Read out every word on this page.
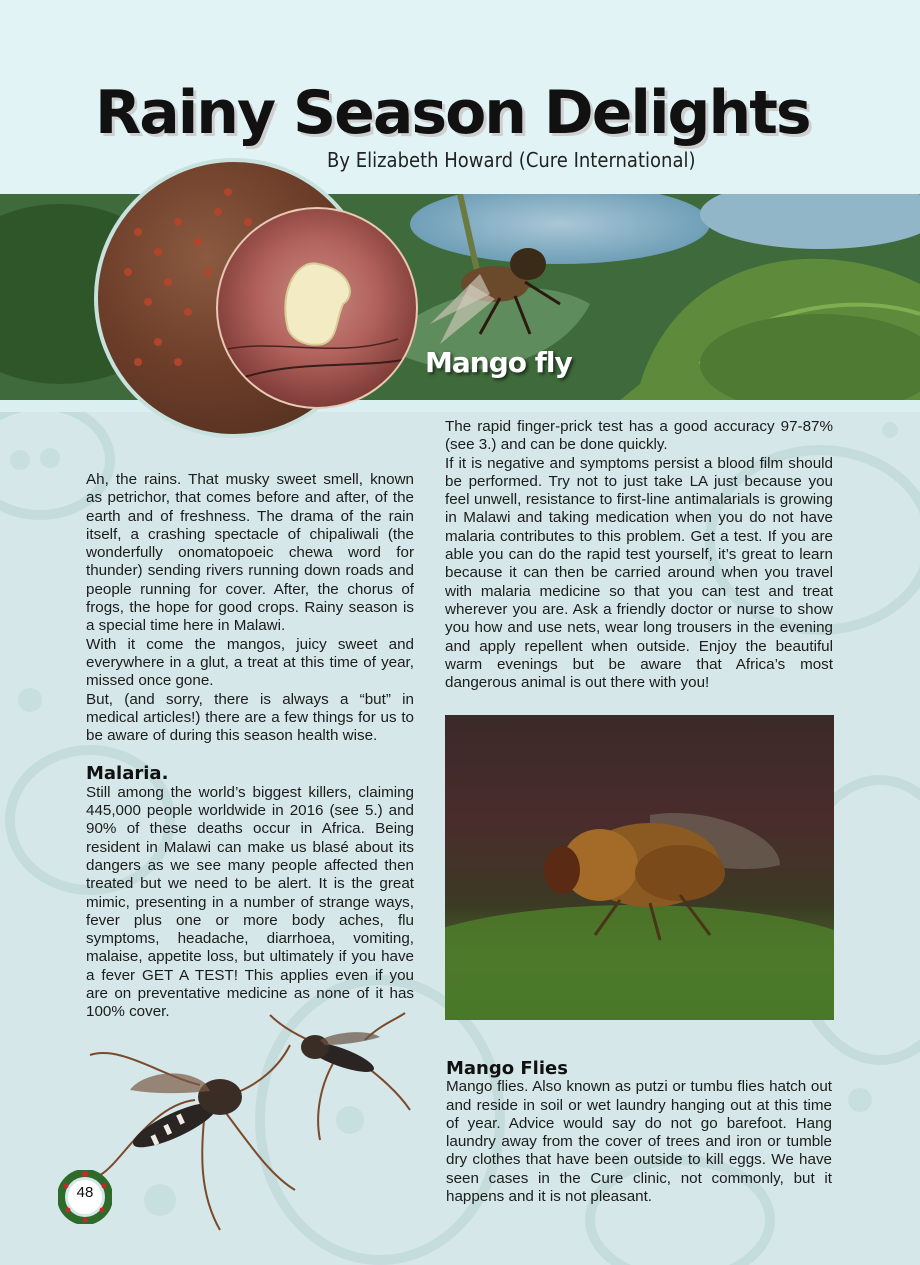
Rainy Season Delights
By Elizabeth Howard (Cure International)
Mango fly

Ah, the rains. That musky sweet smell, known as petrichor, that comes before and after, of the earth and of freshness. The drama of the rain itself, a crashing spectacle of chipaliwali (the wonderfully onomatopoeic chewa word for thunder) sending rivers running down roads and people running for cover. After, the chorus of frogs, the hope for good crops. Rainy season is a special time here in Malawi.

With it come the mangos, juicy sweet and everywhere in a glut, a treat at this time of year, missed once gone.

But, (and sorry, there is always a “but” in medical articles!) there are a few things for us to be aware of during this season health wise.

Malaria.

Still among the world’s biggest killers, claiming 445,000 people worldwide in 2016 (see 5.) and 90% of these deaths occur in Africa. Being resident in Malawi can make us blasé about its dangers as we see many people affected then treated but we need to be alert. It is the great mimic, presenting in a number of strange ways, fever plus one or more body aches, flu symptoms, headache, diarrhoea, vomiting, malaise, appetite loss, but ultimately if you have a fever GET A TEST! This applies even if you are on preventative medicine as none of it has 100% cover.

The rapid finger-prick test has a good accuracy 97-87% (see 3.) and can be done quickly.

If it is negative and symptoms persist a blood film should be performed. Try not to just take LA just because you feel unwell, resistance to first-line antimalarials is growing in Malawi and taking medication when you do not have malaria contributes to this problem. Get a test. If you are able you can do the rapid test yourself, it’s great to learn because it can then be carried around when you travel with malaria medicine so that you can test and treat wherever you are. Ask a friendly doctor or nurse to show you how and use nets, wear long trousers in the evening and apply repellent when outside. Enjoy the beautiful warm evenings but be aware that Africa’s most dangerous animal is out there with you!

Mango Flies

Mango flies. Also known as putzi or tumbu flies hatch out and reside in soil or wet laundry hanging out at this time of year. Advice would say do not go barefoot. Hang laundry away from the cover of trees and iron or tumble dry clothes that have been outside to kill eggs. We have seen cases in the Cure clinic, not commonly, but it happens and it is not pleasant.

48
